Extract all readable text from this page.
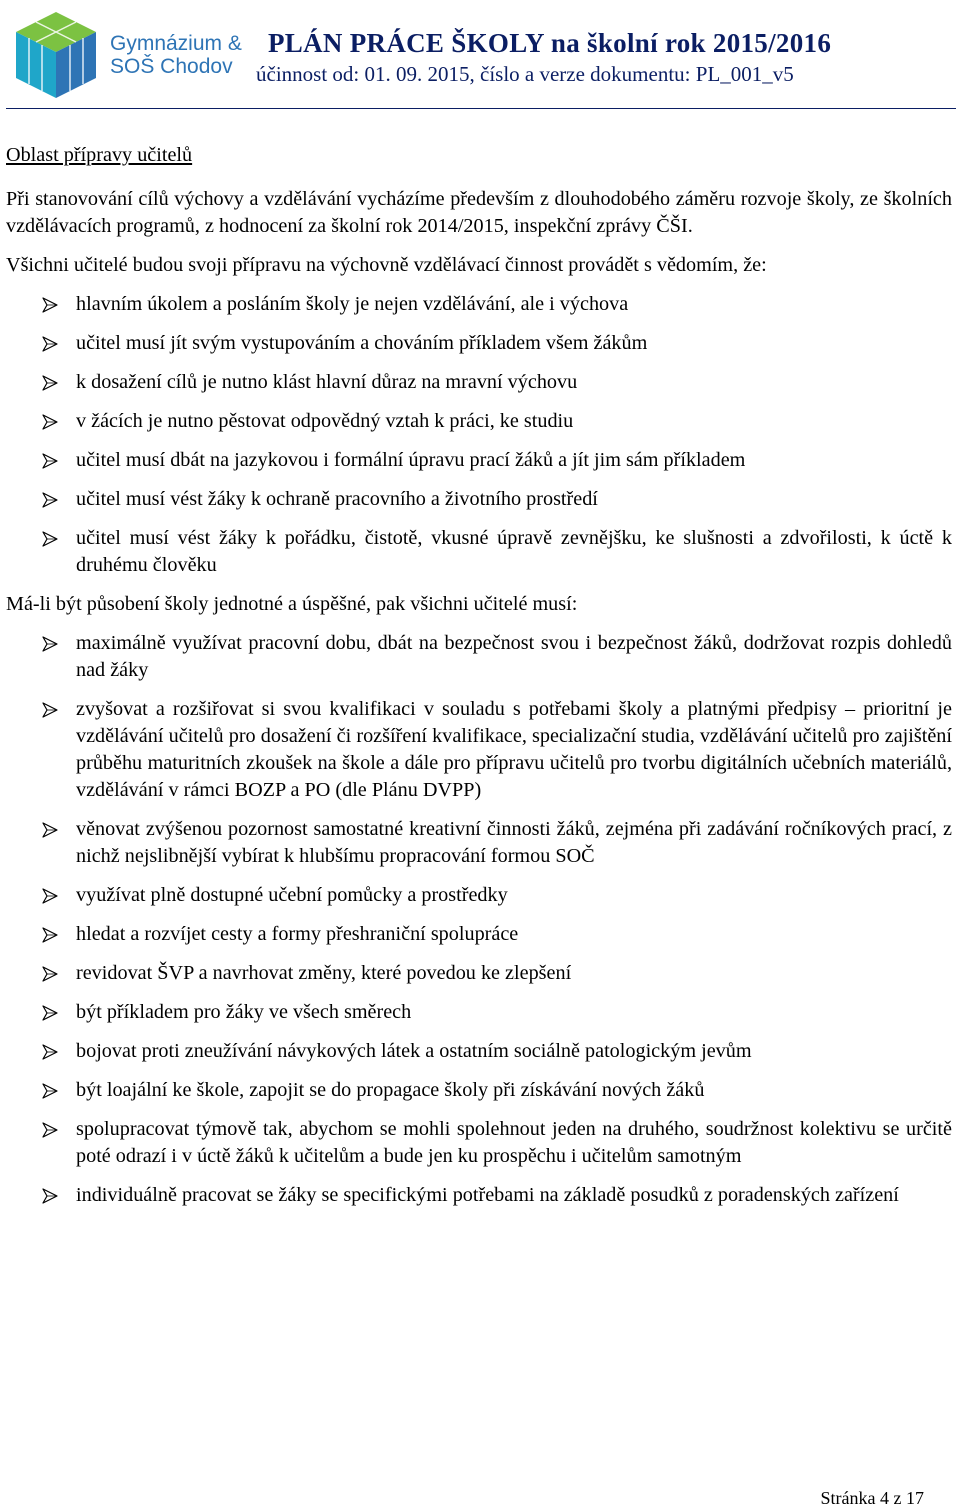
Gymnázium &
SOŠ Chodov
PLÁN PRÁCE ŠKOLY na školní rok 2015/2016
účinnost od: 01. 09. 2015, číslo a verze dokumentu: PL_001_v5

Oblast přípravy učitelů

Při stanovování cílů výchovy a vzdělávání vycházíme především z dlouhodobého záměru rozvoje školy, ze školních vzdělávacích programů, z hodnocení za školní rok 2014/2015, inspekční zprávy ČŠI.

Všichni učitelé budou svoji přípravu na výchovně vzdělávací činnost provádět s vědomím, že:

hlavním úkolem a posláním školy je nejen vzdělávání, ale i výchova
učitel musí jít svým vystupováním a chováním příkladem všem žákům
k dosažení cílů je nutno klást hlavní důraz na mravní výchovu
v žácích je nutno pěstovat odpovědný vztah k práci, ke studiu
učitel musí dbát na jazykovou i formální úpravu prací žáků a jít jim sám příkladem
učitel musí vést žáky k ochraně pracovního a životního prostředí
učitel musí vést žáky k pořádku, čistotě, vkusné úpravě zevnějšku, ke slušnosti a zdvořilosti, k úctě k druhému člověku

Má-li být působení školy jednotné a úspěšné, pak všichni učitelé musí:

maximálně využívat pracovní dobu, dbát na bezpečnost svou i bezpečnost žáků, dodržovat rozpis dohledů nad žáky
zvyšovat a rozšiřovat si svou kvalifikaci v souladu s potřebami školy a platnými předpisy – prioritní je vzdělávání učitelů pro dosažení či rozšíření kvalifikace, specializační studia, vzdělávání učitelů pro zajištění průběhu maturitních zkoušek na škole a dále pro přípravu učitelů pro tvorbu digitálních učebních materiálů, vzdělávání v rámci BOZP a PO (dle Plánu DVPP)
věnovat zvýšenou pozornost samostatné kreativní činnosti žáků, zejména při zadávání ročníkových prací, z nichž nejslibnější vybírat k hlubšímu propracování formou SOČ
využívat plně dostupné učební pomůcky a prostředky
hledat a rozvíjet cesty a formy přeshraniční spolupráce
revidovat ŠVP a navrhovat změny, které povedou ke zlepšení
být příkladem pro žáky ve všech směrech
bojovat proti zneužívání návykových látek a ostatním sociálně patologickým jevům
být loajální ke škole, zapojit se do propagace školy při získávání nových žáků
spolupracovat týmově tak, abychom se mohli spolehnout jeden na druhého, soudržnost kolektivu se určitě poté odrazí i v úctě žáků k učitelům a bude jen ku prospěchu i učitelům samotným
individuálně pracovat se žáky se specifickými potřebami na základě posudků z poradenských zařízení
Stránka 4 z 17
